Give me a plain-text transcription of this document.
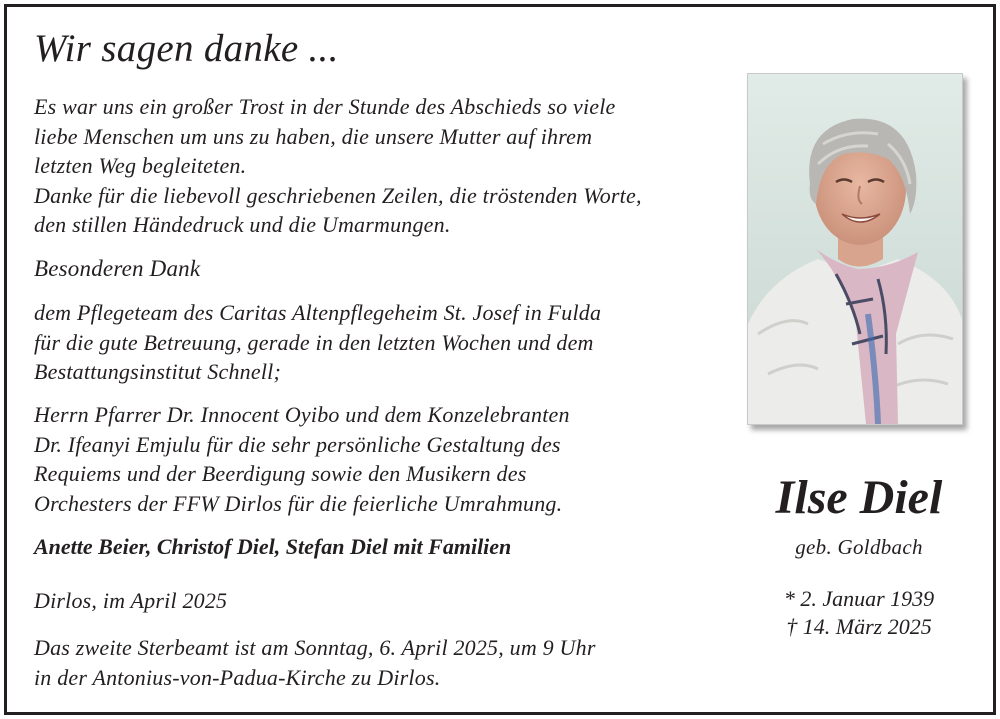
Wir sagen danke ...
Es war uns ein großer Trost in der Stunde des Abschieds so viele
liebe Menschen um uns zu haben, die unsere Mutter auf ihrem
letzten Weg begleiteten.
Danke für die liebevoll geschriebenen Zeilen, die tröstenden Worte,
den stillen Händedruck und die Umarmungen.
Besonderen Dank
dem Pflegeteam des Caritas Altenpflegeheim St. Josef in Fulda
für die gute Betreuung, gerade in den letzten Wochen und dem
Bestattungsinstitut Schnell;
Herrn Pfarrer Dr. Innocent Oyibo und dem Konzelebranten
Dr. Ifeanyi Emjulu für die sehr persönliche Gestaltung des
Requiems und der Beerdigung sowie den Musikern des
Orchesters der FFW Dirlos für die feierliche Umrahmung.
Anette Beier, Christof Diel, Stefan Diel mit Familien
Dirlos, im April 2025
Das zweite Sterbeamt ist am Sonntag, 6. April 2025, um 9 Uhr
in der Antonius-von-Padua-Kirche zu Dirlos.
Ilse Diel
geb. Goldbach
* 2. Januar 1939
† 14. März 2025
